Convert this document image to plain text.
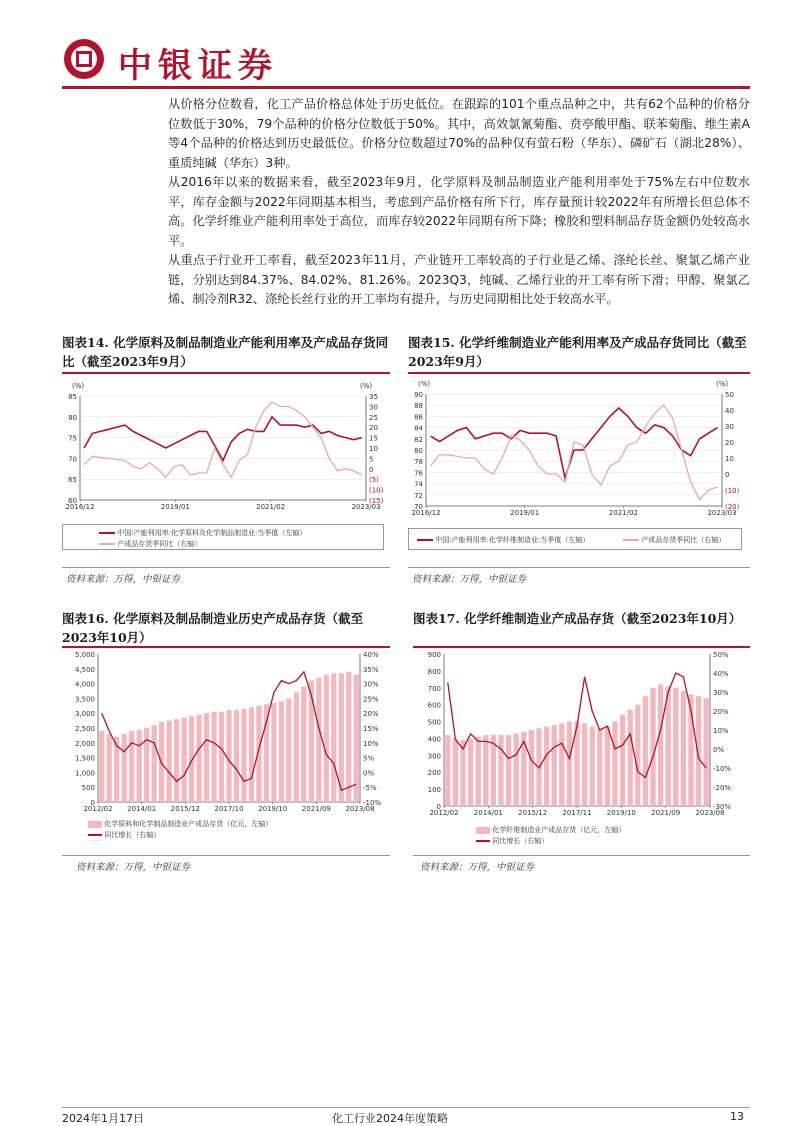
中银证券
从价格分位数看，化工产品价格总体处于历史低位。在跟踪的101个重点品种之中，共有62个品种的价格分位数低于30%，79个品种的价格分位数低于50%。其中，高效氯氰菊酯、贲亭酸甲酯、联苯菊酯、维生素A等4个品种的价格达到历史最低位。价格分位数超过70%的品种仅有萤石粉（华东）、磷矿石（湖北28%）、重质纯碱（华东）3种。
从2016年以来的数据来看，截至2023年9月，化学原料及制品制造业产能利用率处于75%左右中位数水平，库存金额与2022年同期基本相当，考虑到产品价格有所下行，库存量预计较2022年有所增长但总体不高。化学纤维业产能利用率处于高位，而库存较2022年同期有所下降；橡胶和塑料制品存货金额仍处较高水平。
从重点子行业开工率看，截至2023年11月，产业链开工率较高的子行业是乙烯、涤纶长丝、聚氯乙烯产业链，分别达到84.37%、84.02%、81.26%。2023Q3，纯碱、乙烯行业的开工率有所下滑；甲醇、聚氯乙烯、制冷剂R32、涤纶长丝行业的开工率均有提升，与历史同期相比处于较高水平。
图表14. 化学原料及制品制造业产能利用率及产成品存货同比（截至2023年9月）
85
80
75
70
65
60
35
30
25
20
15
10
5
0
(5)
(10)
(15)
(%)	(%)
2016/12	2019/01	2021/02	2023/03
中国:产能利用率:化学原料及化学制品制造业:当季值（左轴）
产成品存货季同比（右轴）
资料来源：万得，中银证券
图表15. 化学纤维制造业产能利用率及产成品存货同比（截至2023年9月）
90
88
86
84
82
80
78
76
74
72
70
50
40
30
20
10
0
(10)
(20)
(%)	(%)
2016/12	2019/01	2021/02	2023/03
中国:产能利用率:化学纤维制造业:当季值（左轴）	产成品存货季同比（右轴）
资料来源：万得，中银证券
图表16. 化学原料及制品制造业历史产成品存货（截至2023年10月）
5,000
4,500
4,000
3,500
3,000
2,500
2,000
1,500
1,000
500
0
40%
35%
30%
25%
20%
15%
10%
5%
0%
-5%
-10%
2012/02 2014/01 2015/12 2017/10 2019/10 2021/09 2023/08
化学原料和化学制品制造业产成品存货（亿元，左轴）
同比增长（右轴）
资料来源：万得，中银证券
图表17. 化学纤维制造业产成品存货（截至2023年10月）
900
800
700
600
500
400
300
200
100
0
50%
40%
30%
20%
10%
0%
-10%
-20%
-30%
2012/02 2014/01 2015/12 2017/11 2019/10 2021/09 2023/08
化学纤维制造业产成品存货（亿元，左轴）
同比增长（右轴）
资料来源：万得，中银证券
2024年1月17日	化工行业2024年度策略	13
